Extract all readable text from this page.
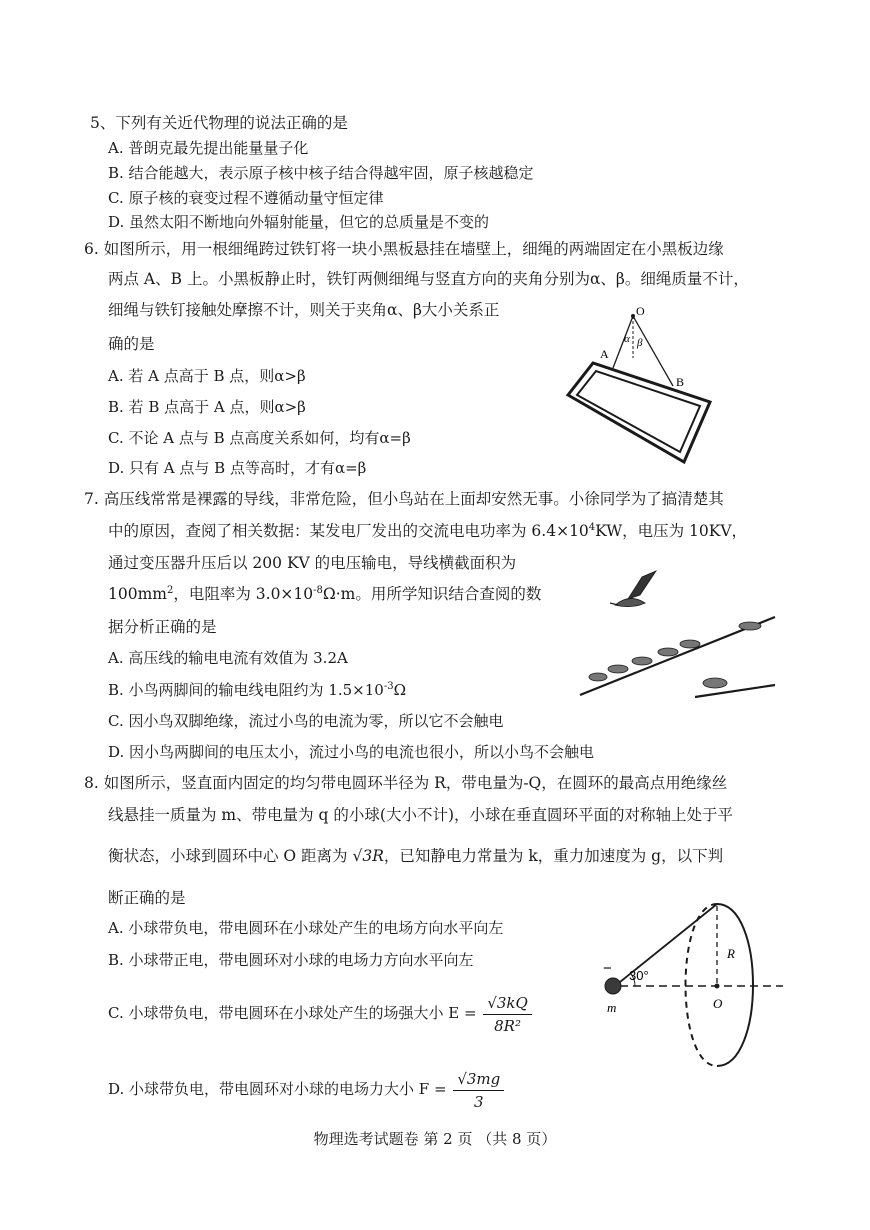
5、下列有关近代物理的说法正确的是
A. 普朗克最先提出能量量子化
B. 结合能越大，表示原子核中核子结合得越牢固，原子核越稳定
C. 原子核的衰变过程不遵循动量守恒定律
D. 虽然太阳不断地向外辐射能量，但它的总质量是不变的
6. 如图所示，用一根细绳跨过铁钉将一块小黑板悬挂在墙壁上，细绳的两端固定在小黑板边缘
两点 A、B 上。小黑板静止时，铁钉两侧细绳与竖直方向的夹角分别为α、β。细绳质量不计，
细绳与铁钉接触处摩擦不计，则关于夹角α、β大小关系正
确的是
A. 若 A 点高于 B 点，则α>β
B. 若 B 点高于 A 点，则α>β
C. 不论 A 点与 B 点高度关系如何，均有α=β
D. 只有 A 点与 B 点等高时，才有α=β
O
A
B
α β
7. 高压线常常是裸露的导线，非常危险，但小鸟站在上面却安然无事。小徐同学为了搞清楚其
中的原因，查阅了相关数据：某发电厂发出的交流电电功率为 $6.4\times 10^4KW$，电压为 10KV，
通过变压器升压后以 200 KV 的电压输电，导线横截面积为
$100mm^2$，电阻率为 $3.0\times 10^{-8}\Omega\cdot m$。用所学知识结合查阅的数
据分析正确的是
A. 高压线的输电电流有效值为 3.2A
B. 小鸟两脚间的输电线电阻约为 $1.5\times 10^{-3}\Omega$
C. 因小鸟双脚绝缘，流过小鸟的电流为零，所以它不会触电
D. 因小鸟两脚间的电压太小，流过小鸟的电流也很小，所以小鸟不会触电
8. 如图所示，竖直面内固定的均匀带电圆环半径为 R，带电量为-Q，在圆环的最高点用绝缘丝
线悬挂一质量为 m、带电量为 q 的小球(大小不计)，小球在垂直圆环平面的对称轴上处于平
衡状态，小球到圆环中心 O 距离为 √3R，已知静电力常量为 k，重力加速度为 g，以下判
断正确的是
A. 小球带负电，带电圆环在小球处产生的电场方向水平向左
B. 小球带正电，带电圆环对小球的电场力方向水平向左
C. 小球带负电，带电圆环在小球处产生的场强大小 $E = \frac{√3kQ}{\text{8R²}}$
D. 小球带负电，带电圆环对小球的电场力大小 $F = \frac{√3mg}{3}$
− 30°
R
O
m
物理选考试题卷 第 2 页 （共 8 页）
